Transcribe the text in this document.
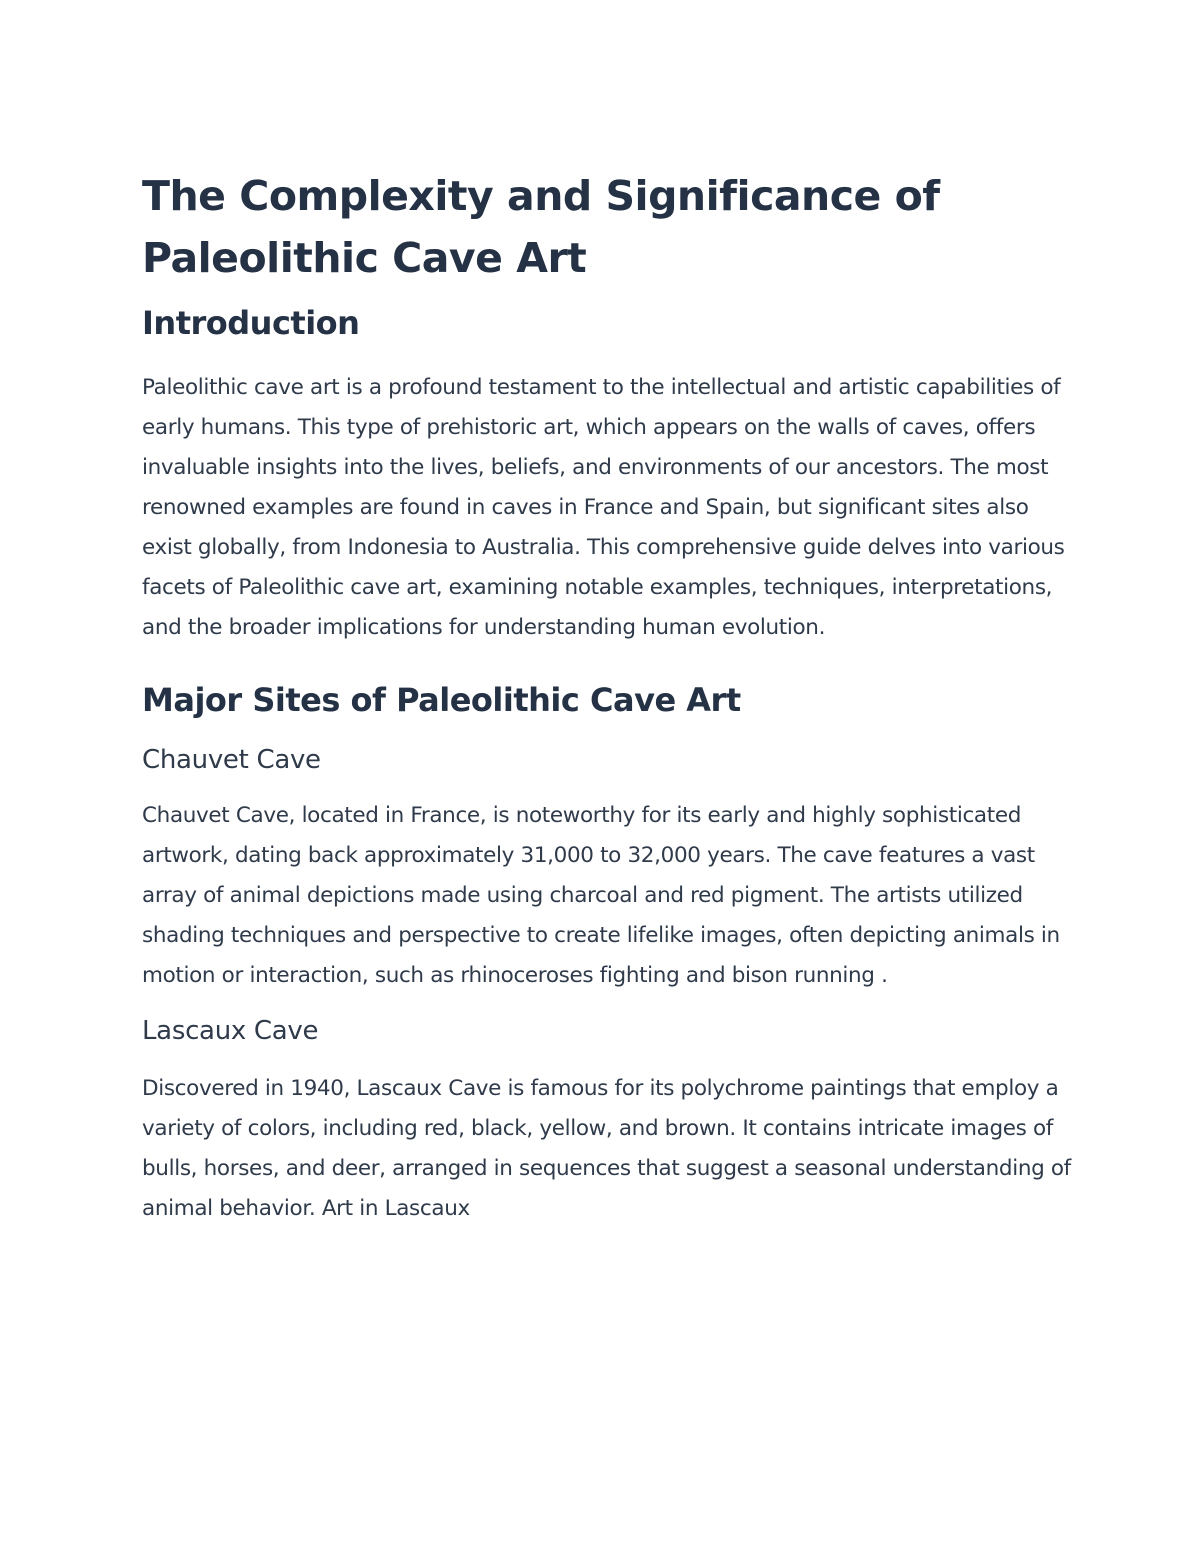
The Complexity and Significance of Paleolithic Cave Art
Introduction

Paleolithic cave art is a profound testament to the intellectual and artistic capabilities of early humans. This type of prehistoric art, which appears on the walls of caves, offers invaluable insights into the lives, beliefs, and environments of our ancestors. The most renowned examples are found in caves in France and Spain, but significant sites also exist globally, from Indonesia to Australia. This comprehensive guide delves into various facets of Paleolithic cave art, examining notable examples, techniques, interpretations, and the broader implications for understanding human evolution.

Major Sites of Paleolithic Cave Art
Chauvet Cave

Chauvet Cave, located in France, is noteworthy for its early and highly sophisticated artwork, dating back approximately 31,000 to 32,000 years. The cave features a vast array of animal depictions made using charcoal and red pigment. The artists utilized shading techniques and perspective to create lifelike images, often depicting animals in motion or interaction, such as rhinoceroses fighting and bison running .

Lascaux Cave

Discovered in 1940, Lascaux Cave is famous for its polychrome paintings that employ a variety of colors, including red, black, yellow, and brown. It contains intricate images of bulls, horses, and deer, arranged in sequences that suggest a seasonal understanding of animal behavior. Art in Lascaux
